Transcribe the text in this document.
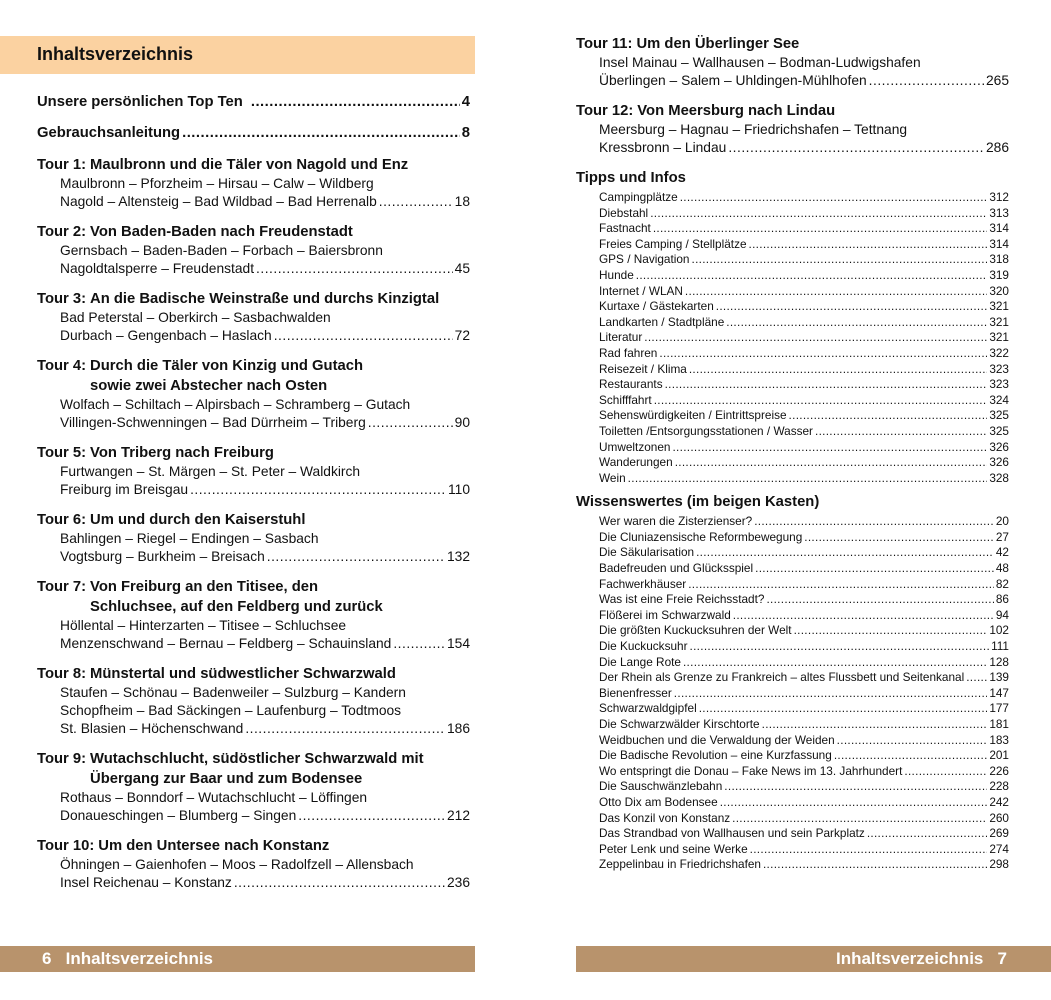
Inhaltsverzeichnis
Unsere persönlichen Top Ten .....	4
Gebrauchsanleitung .....	8
Tour 1: Maulbronn und die Täler von Nagold und Enz
Maulbronn – Pforzheim – Hirsau – Calw – Wildberg
Nagold – Altensteig – Bad Wildbad – Bad Herrenalb .....	18
Tour 2: Von Baden-Baden nach Freudenstadt
Gernsbach – Baden-Baden – Forbach – Baiersbronn
Nagoldtalsperre – Freudenstadt .....	45
Tour 3: An die Badische Weinstraße und durchs Kinzigtal
Bad Peterstal – Oberkirch – Sasbachwalden
Durbach – Gengenbach – Haslach .....	72
Tour 4: Durch die Täler von Kinzig und Gutach
sowie zwei Abstecher nach Osten
Wolfach – Schiltach – Alpirsbach – Schramberg – Gutach
Villingen-Schwenningen – Bad Dürrheim – Triberg .....	90
Tour 5: Von Triberg nach Freiburg
Furtwangen – St. Märgen – St. Peter – Waldkirch
Freiburg im Breisgau .....	110
Tour 6: Um und durch den Kaiserstuhl
Bahlingen – Riegel – Endingen – Sasbach
Vogtsburg – Burkheim – Breisach .....	132
Tour 7: Von Freiburg an den Titisee, den
Schluchsee, auf den Feldberg und zurück
Höllental – Hinterzarten – Titisee – Schluchsee
Menzenschwand – Bernau – Feldberg – Schauinsland .....	154
Tour 8: Münstertal und südwestlicher Schwarzwald
Staufen – Schönau – Badenweiler – Sulzburg – Kandern
Schopfheim – Bad Säckingen – Laufenburg – Todtmoos
St. Blasien – Höchenschwand .....	186
Tour 9: Wutachschlucht, südöstlicher Schwarzwald mit
Übergang zur Baar und zum Bodensee
Rothaus – Bonndorf – Wutachschlucht – Löffingen
Donaueschingen – Blumberg – Singen .....	212
Tour 10: Um den Untersee nach Konstanz
Öhningen – Gaienhofen – Moos – Radolfzell – Allensbach
Insel Reichenau – Konstanz .....	236
6   Inhaltsverzeichnis
Tour 11: Um den Überlinger See
Insel Mainau – Wallhausen – Bodman-Ludwigshafen
Überlingen – Salem – Uhldingen-Mühlhofen .....	265
Tour 12: Von Meersburg nach Lindau
Meersburg – Hagnau – Friedrichshafen – Tettnang
Kressbronn – Lindau .....	286
Tipps und Infos
Campingplätze .....	312
Diebstahl .....	313
Fastnacht .....	314
Freies Camping / Stellplätze .....	314
GPS / Navigation .....	318
Hunde .....	319
Internet / WLAN .....	320
Kurtaxe / Gästekarten .....	321
Landkarten / Stadtpläne .....	321
Literatur .....	321
Rad fahren .....	322
Reisezeit / Klima .....	323
Restaurants .....	323
Schifffahrt .....	324
Sehenswürdigkeiten / Eintrittspreise .....	325
Toiletten /Entsorgungsstationen / Wasser .....	325
Umweltzonen .....	326
Wanderungen .....	326
Wein .....	328
Wissenswertes (im beigen Kasten)
Wer waren die Zisterzienser? .....	20
Die Cluniazensische Reformbewegung .....	27
Die Säkularisation .....	42
Badefreuden und Glücksspiel .....	48
Fachwerkhäuser .....	82
Was ist eine Freie Reichsstadt? .....	86
Flößerei im Schwarzwald .....	94
Die größten Kuckucksuhren der Welt .....	102
Die Kuckucksuhr .....	111
Die Lange Rote .....	128
Der Rhein als Grenze zu Frankreich – altes Flussbett und Seitenkanal ..... 139
Bienenfresser .....	147
Schwarzwaldgipfel .....	177
Die Schwarzwälder Kirschtorte .....	181
Weidbuchen und die Verwaldung der Weiden .....	183
Die Badische Revolution – eine Kurzfassung .....	201
Wo entspringt die Donau – Fake News im 13. Jahrhundert .....	226
Die Sauschwänzlebahn .....	228
Otto Dix am Bodensee .....	242
Das Konzil von Konstanz .....	260
Das Strandbad von Wallhausen und sein Parkplatz .....	269
Peter Lenk und seine Werke .....	274
Zeppelinbau in Friedrichshafen .....	298
Inhaltsverzeichnis   7
